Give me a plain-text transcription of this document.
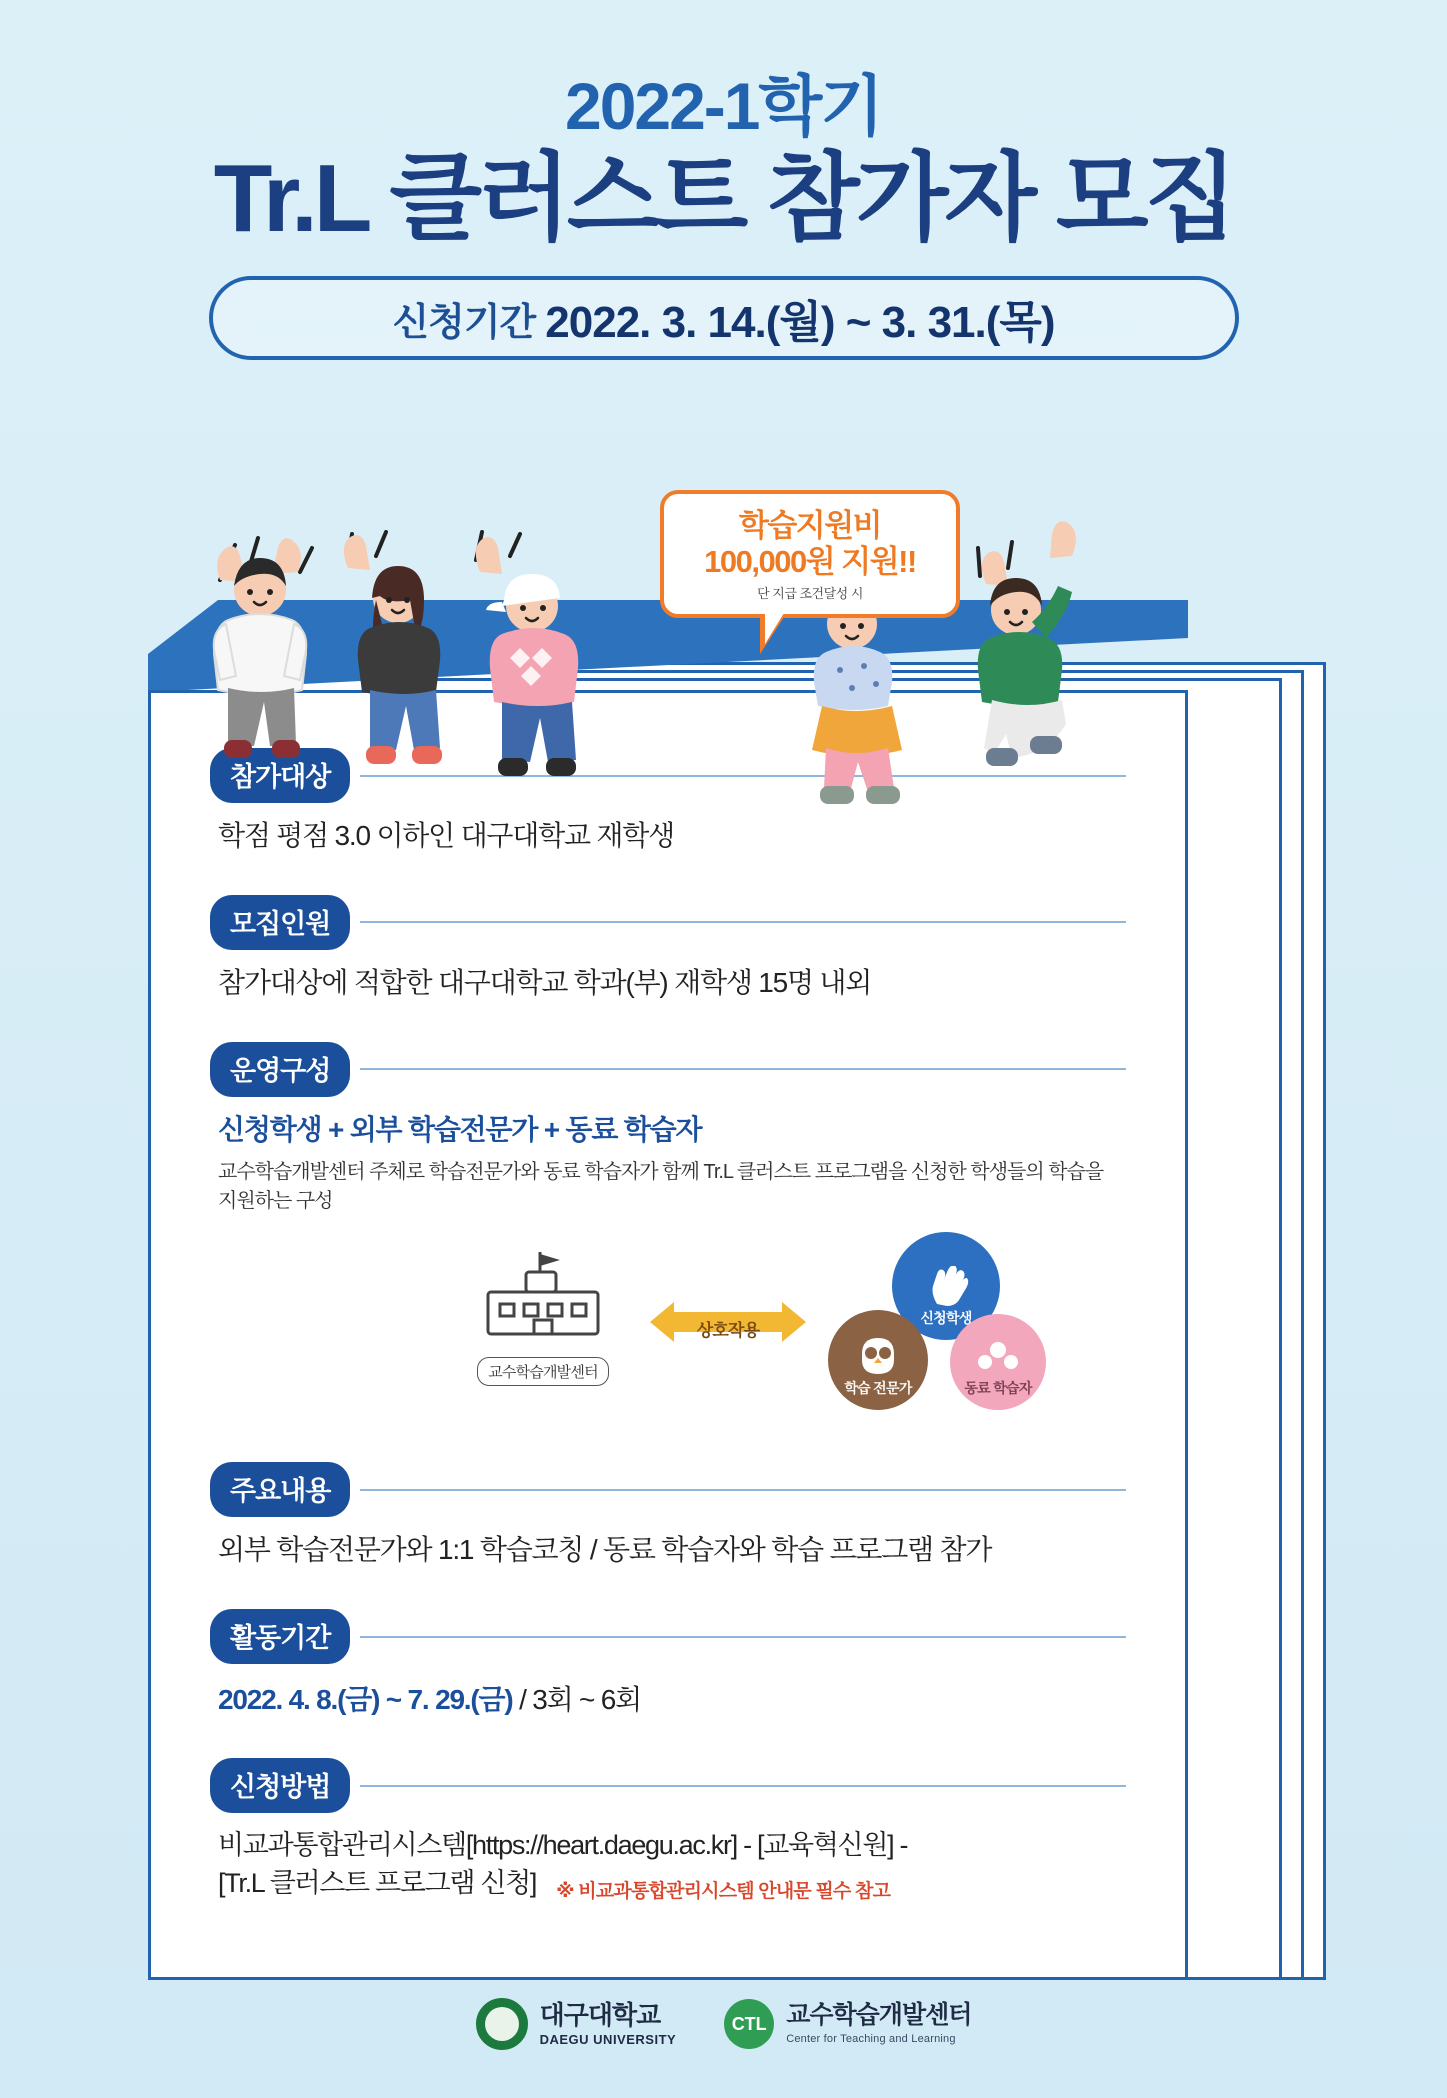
2022-1학기
Tr.L 클러스트 참가자 모집
신청기간 2022. 3. 14.(월) ~ 3. 31.(목)
학습지원비
100,000원 지원!!
단 지급 조건달성 시
참가대상
학점 평점 3.0 이하인 대구대학교 재학생
모집인원
참가대상에 적합한 대구대학교 학과(부) 재학생 15명 내외
운영구성
신청학생 + 외부 학습전문가 + 동료 학습자
교수학습개발센터 주체로 학습전문가와 동료 학습자가 함께 Tr.L 클러스트 프로그램을 신청한 학생들의 학습을 지원하는 구성
교수학습개발센터
상호작용
신청학생
학습 전문가	동료 학습자
주요내용
외부 학습전문가와 1:1 학습코칭 / 동료 학습자와 학습 프로그램 참가
활동기간
2022. 4. 8.(금) ~ 7. 29.(금) / 3회 ~ 6회
신청방법
비교과통합관리시스템[https://heart.daegu.ac.kr] - [교육혁신원] -
[Tr.L 클러스트 프로그램 신청] ※ 비교과통합관리시스템 안내문 필수 참고
대구대학교
DAEGU UNIVERSITY
CTL 교수학습개발센터
Center for Teaching and Learning
